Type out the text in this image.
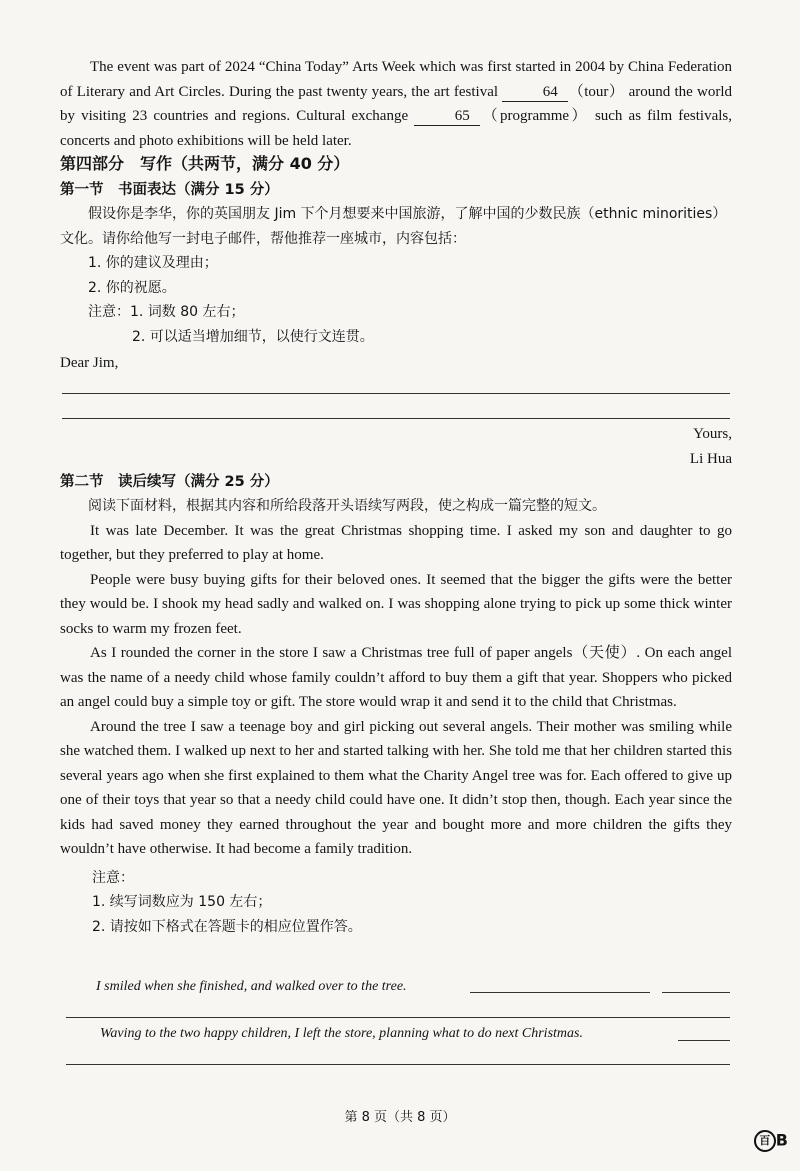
The event was part of 2024 “China Today” Arts Week which was first started in 2004 by China Federation of Literary and Art Circles. During the past twenty years, the art festival	64 （tour） around the world by visiting 23 countries and regions. Cultural exchange	65 （programme） such as film festivals, concerts and photo exhibitions will be held later.

第四部分　写作（共两节，满分 40 分）

第一节　书面表达（满分 15 分）

假设你是李华，你的英国朋友 Jim 下个月想要来中国旅游，了解中国的少数民族（ethnic minorities）文化。请你给他写一封电子邮件，帮他推荐一座城市，内容包括：

1. 你的建议及理由；

2. 你的祝愿。

注意：1. 词数 80 左右；

2. 可以适当增加细节，以使行文连贯。

Dear Jim,

Yours,

Li Hua

第二节　读后续写（满分 25 分）

阅读下面材料，根据其内容和所给段落开头语续写两段，使之构成一篇完整的短文。

It was late December. It was the great Christmas shopping time. I asked my son and daughter to go together, but they preferred to play at home.

People were busy buying gifts for their beloved ones. It seemed that the bigger the gifts were the better they would be. I shook my head sadly and walked on. I was shopping alone trying to pick up some thick winter socks to warm my frozen feet.

As I rounded the corner in the store I saw a Christmas tree full of paper angels（天使）. On each angel was the name of a needy child whose family couldn’t afford to buy them a gift that year. Shoppers who picked an angel could buy a simple toy or gift. The store would wrap it and send it to the child that Christmas.

Around the tree I saw a teenage boy and girl picking out several angels. Their mother was smiling while she watched them. I walked up next to her and started talking with her. She told me that her children started this several years ago when she first explained to them what the Charity Angel tree was for. Each offered to give up one of their toys that year so that a needy child could have one. It didn’t stop then, though. Each year since the kids had saved money they earned throughout the year and bought more and more children the gifts they wouldn’t have otherwise. It had become a family tradition.

注意：

1. 续写词数应为 150 左右；

2. 请按如下格式在答题卡的相应位置作答。

I smiled when she finished, and walked over to the tree.

Waving to the two happy children, I left the store, planning what to do next Christmas.

第 8 页（共 8 页）
百 B
